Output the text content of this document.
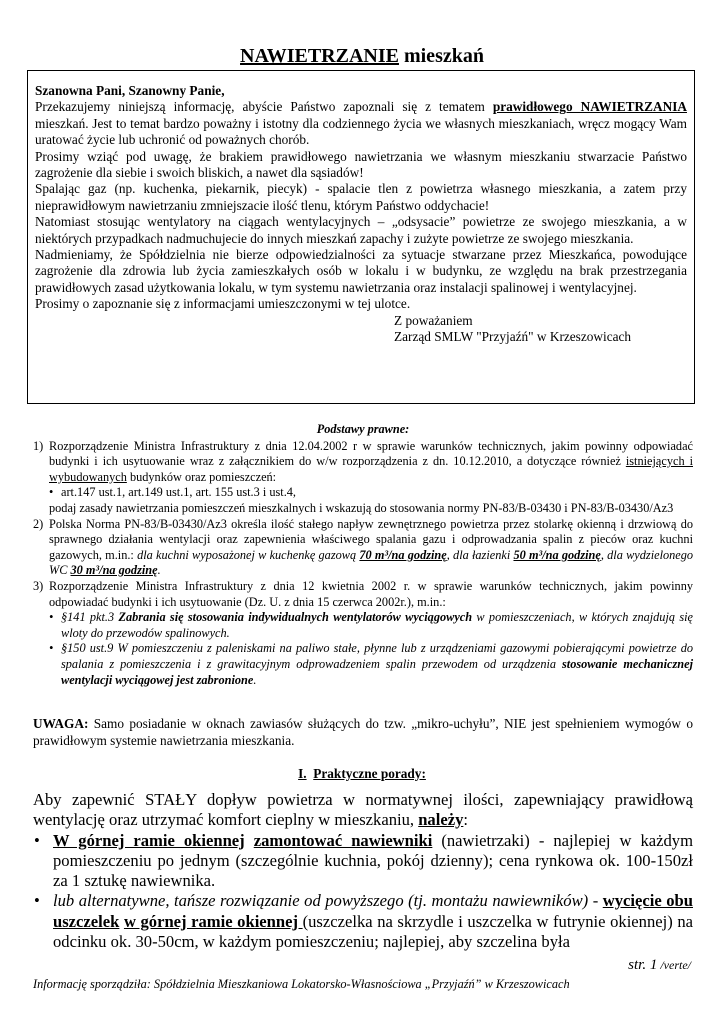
NAWIETRZANIE mieszkań

Szanowna Pani, Szanowny Panie,

Przekazujemy niniejszą informację, abyście Państwo zapoznali się z tematem prawidłowego NAWIETRZANIA mieszkań. Jest to temat bardzo poważny i istotny dla codziennego życia we własnych mieszkaniach, wręcz mogący Wam uratować życie lub uchronić od poważnych chorób.

Prosimy wziąć pod uwagę, że brakiem prawidłowego nawietrzania we własnym mieszkaniu stwarzacie Państwo zagrożenie dla siebie i swoich bliskich, a nawet dla sąsiadów!

Spalając gaz (np. kuchenka, piekarnik, piecyk) - spalacie tlen z powietrza własnego mieszkania, a zatem przy nieprawidłowym nawietrzaniu zmniejszacie ilość tlenu, którym Państwo oddychacie!

Natomiast stosując wentylatory na ciągach wentylacyjnych – „odsysacie” powietrze ze swojego mieszkania, a w niektórych przypadkach nadmuchujecie do innych mieszkań zapachy i zużyte powietrze ze swojego mieszkania.

Nadmieniamy, że Spółdzielnia nie bierze odpowiedzialności za sytuacje stwarzane przez Mieszkańca, powodujące zagrożenie dla zdrowia lub życia zamieszkałych osób w lokalu i w budynku, ze względu na brak przestrzegania prawidłowych zasad użytkowania lokalu, w tym systemu nawietrzania oraz instalacji spalinowej i wentylacyjnej.

Prosimy o zapoznanie się z informacjami umieszczonymi w tej ulotce.

Z poważaniem

Zarząd SMLW "Przyjaźń" w Krzeszowicach

Podstawy prawne:

1) Rozporządzenie Ministra Infrastruktury z dnia 12.04.2002 r w sprawie warunków technicznych, jakim powinny odpowiadać budynki i ich usytuowanie wraz z załącznikiem do w/w rozporządzenia z dn. 10.12.2010, a dotyczące również istniejących i wybudowanych budynków oraz pomieszczeń:
• art.147 ust.1, art.149 ust.1, art. 155 ust.3 i ust.4,
podaj zasady nawietrzania pomieszczeń mieszkalnych i wskazują do stosowania normy PN-83/B-03430 i PN-83/B-03430/Az3
2) Polska Norma PN-83/B-03430/Az3 określa ilość stałego napływ zewnętrznego powietrza przez stolarkę okienną i drzwiową do sprawnego działania wentylacji oraz zapewnienia właściwego spalania gazu i odprowadzania spalin z pieców oraz kuchni gazowych, m.in.: dla kuchni wyposażonej w kuchenkę gazową 70 m³/na godzinę, dla łazienki 50 m³/na godzinę, dla wydzielonego WC 30 m³/na godzinę.
3) Rozporządzenie Ministra Infrastruktury z dnia 12 kwietnia 2002 r. w sprawie warunków technicznych, jakim powinny odpowiadać budynki i ich usytuowanie (Dz. U. z dnia 15 czerwca 2002r.), m.in.:
• §141 pkt.3 Zabrania się stosowania indywidualnych wentylatorów wyciągowych w pomieszczeniach, w których znajdują się wloty do przewodów spalinowych.
• §150 ust.9 W pomieszczeniu z paleniskami na paliwo stałe, płynne lub z urządzeniami gazowymi pobierającymi powietrze do spalania z pomieszczenia i z grawitacyjnym odprowadzeniem spalin przewodem od urządzenia stosowanie mechanicznej wentylacji wyciągowej jest zabronione.
UWAGA: Samo posiadanie w oknach zawiasów służących do tzw. „mikro-uchyłu”, NIE jest spełnieniem wymogów o prawidłowym systemie nawietrzania mieszkania.
I. Praktyczne porady:

Aby zapewnić STAŁY dopływ powietrza w normatywnej ilości, zapewniający prawidłową wentylację oraz utrzymać komfort cieplny w mieszkaniu, należy:

• W górnej ramie okiennej zamontować nawiewniki (nawietrzaki) - najlepiej w każdym pomieszczeniu po jednym (szczególnie kuchnia, pokój dzienny); cena rynkowa ok. 100-150zł za 1 sztukę nawiewnika.
• lub alternatywne, tańsze rozwiązanie od powyższego (tj. montażu nawiewników) - wycięcie obu uszczelek w górnej ramie okiennej (uszczelka na skrzydle i uszczelka w futrynie okiennej) na odcinku ok. 30-50cm, w każdym pomieszczeniu; najlepiej, aby szczelina była
str. 1 /verte/
Informację sporządziła: Spółdzielnia Mieszkaniowa Lokatorsko-Własnościowa „Przyjaźń” w Krzeszowicach
